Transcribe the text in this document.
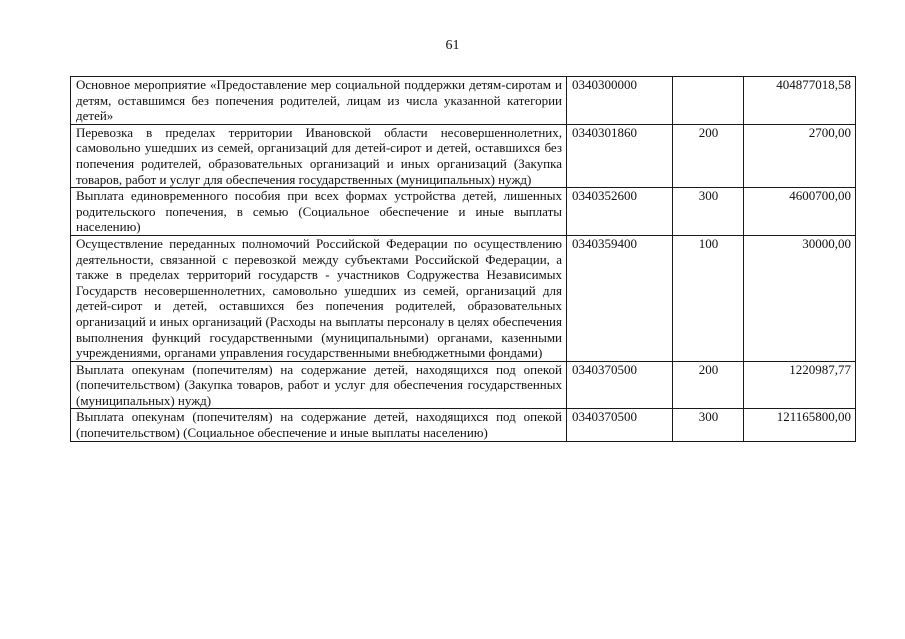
61
Основное мероприятие «Предоставление мер социальной поддержки детям-сиротам и детям, оставшимся без попечения родителей, лицам из числа указанной категории детей»	0340300000		404877018,58
Перевозка в пределах территории Ивановской области несовершеннолетних, самовольно ушедших из семей, организаций для детей-сирот и детей, оставшихся без попечения родителей, образовательных организаций и иных организаций (Закупка товаров, работ и услуг для обеспечения государственных (муниципальных) нужд)	0340301860	200	2700,00
Выплата единовременного пособия при всех формах устройства детей, лишенных родительского попечения, в семью (Социальное обеспечение и иные выплаты населению)	0340352600	300	4600700,00
Осуществление переданных полномочий Российской Федерации по осуществлению деятельности, связанной с перевозкой между субъектами Российской Федерации, а также в пределах территорий государств - участников Содружества Независимых Государств несовершеннолетних, самовольно ушедших из семей, организаций для детей-сирот и детей, оставшихся без попечения родителей, образовательных организаций и иных организаций (Расходы на выплаты персоналу в целях обеспечения выполнения функций государственными (муниципальными) органами, казенными учреждениями, органами управления государственными внебюджетными фондами)	0340359400	100	30000,00
Выплата опекунам (попечителям) на содержание детей, находящихся под опекой (попечительством) (Закупка товаров, работ и услуг для обеспечения государственных (муниципальных) нужд)	0340370500	200	1220987,77
Выплата опекунам (попечителям) на содержание детей, находящихся под опекой (попечительством) (Социальное обеспечение и иные выплаты населению)	0340370500	300	121165800,00
